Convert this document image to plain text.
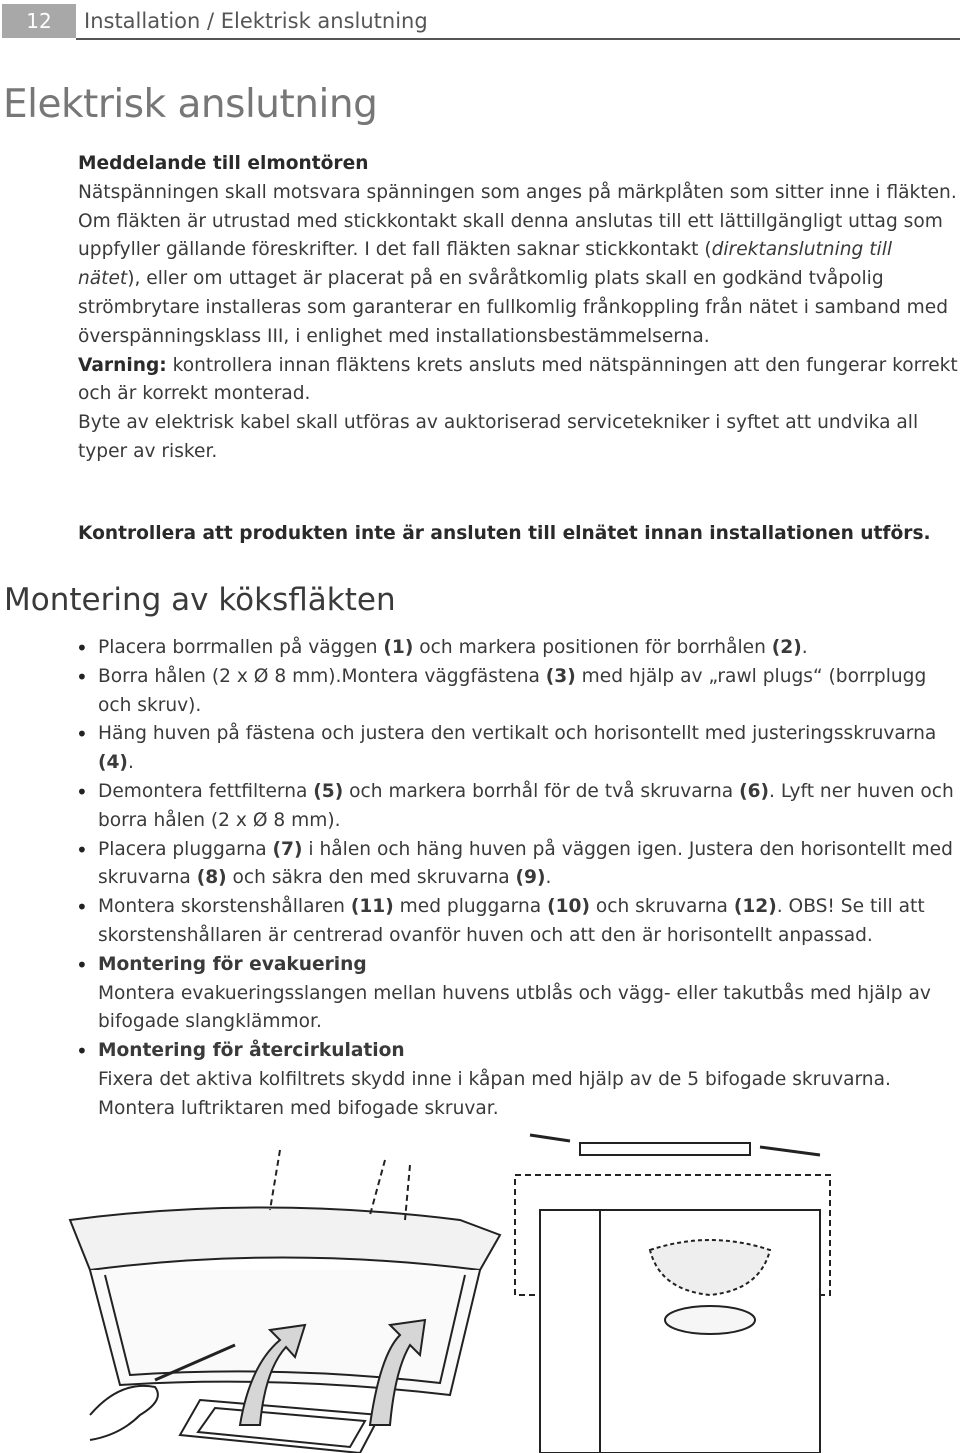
12	Installation / Elektrisk anslutning
Elektrisk anslutning

Meddelande till elmontören

Nätspänningen skall motsvara spänningen som anges på märkplåten som sitter inne i fläkten. Om fläkten är utrustad med stickkontakt skall denna anslutas till ett lättillgängligt uttag som uppfyller gällande föreskrifter. I det fall fläkten saknar stickkontakt (direktanslutning till nätet), eller om uttaget är placerat på en svåråtkomlig plats skall en godkänd tvåpolig strömbrytare installeras som garanterar en fullkomlig frånkoppling från nätet i samband med överspänningsklass III, i enlighet med installationsbestämmelserna.

Varning: kontrollera innan fläktens krets ansluts med nätspänningen att den fungerar korrekt och är korrekt monterad.

Byte av elektrisk kabel skall utföras av auktoriserad servicetekniker i syftet att undvika all typer av risker.

Kontrollera att produkten inte är ansluten till elnätet innan installationen utförs.
Montering av köksfläkten
• Placera borrmallen på väggen (1) och markera positionen för borrhålen (2).
• Borra hålen (2 x Ø 8 mm).Montera väggfästena (3) med hjälp av „rawl plugs“ (borrplugg och skruv).
• Häng huven på fästena och justera den vertikalt och horisontellt med justeringsskruvarna (4).
• Demontera fettfilterna (5) och markera borrhål för de två skruvarna (6). Lyft ner huven och borra hålen (2 x Ø 8 mm).
• Placera pluggarna (7) i hålen och häng huven på väggen igen. Justera den horisontellt med skruvarna (8) och säkra den med skruvarna (9).
• Montera skorstenshållaren (11) med pluggarna (10) och skruvarna (12). OBS! Se till att skorstenshållaren är centrerad ovanför huven och att den är horisontellt anpassad.
• Montering för evakuering
Montera evakueringsslangen mellan huvens utblås och vägg- eller takutbås med hjälp av bifogade slangklämmor.
• Montering för återcirkulation
Fixera det aktiva kolfiltrets skydd inne i kåpan med hjälp av de 5 bifogade skruvarna. Montera luftriktaren med bifogade skruvar.
